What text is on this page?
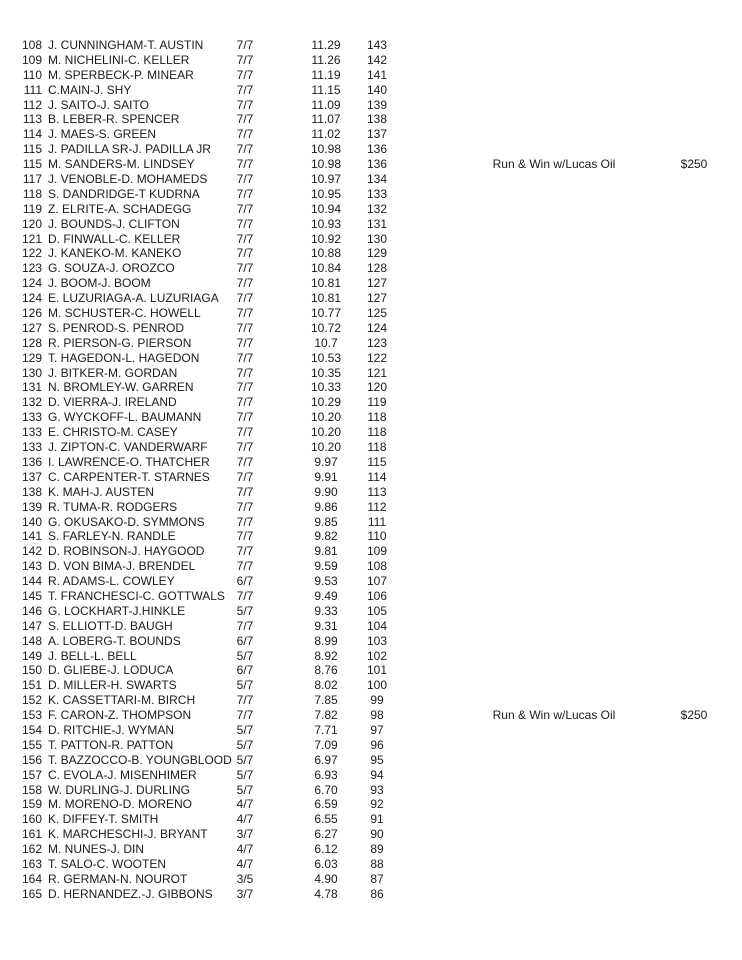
108 J. CUNNINGHAM-T. AUSTIN	7/7	11.29	143
109 M. NICHELINI-C. KELLER	7/7	11.26	142
110 M. SPERBECK-P. MINEAR	7/7	11.19	141
111 C.MAIN-J. SHY	7/7	11.15	140
112 J. SAITO-J. SAITO	7/7	11.09	139
113 B. LEBER-R. SPENCER	7/7	11.07	138
114 J. MAES-S. GREEN	7/7	11.02	137
115 J. PADILLA SR-J. PADILLA JR	7/7	10.98	136
115 M. SANDERS-M. LINDSEY	7/7	10.98	136	Run & Win w/Lucas Oil	$250
117 J. VENOBLE-D. MOHAMEDS	7/7	10.97	134
118 S. DANDRIDGE-T KUDRNA	7/7	10.95	133
119 Z. ELRITE-A. SCHADEGG	7/7	10.94	132
120 J. BOUNDS-J. CLIFTON	7/7	10.93	131
121 D. FINWALL-C. KELLER	7/7	10.92	130
122 J. KANEKO-M. KANEKO	7/7	10.88	129
123 G. SOUZA-J. OROZCO	7/7	10.84	128
124 J. BOOM-J. BOOM	7/7	10.81	127
124 E. LUZURIAGA-A. LUZURIAGA	7/7	10.81	127
126 M. SCHUSTER-C. HOWELL	7/7	10.77	125
127 S. PENROD-S. PENROD	7/7	10.72	124
128 R. PIERSON-G. PIERSON	7/7	10.7	123
129 T. HAGEDON-L. HAGEDON	7/7	10.53	122
130 J. BITKER-M. GORDAN	7/7	10.35	121
131 N. BROMLEY-W. GARREN	7/7	10.33	120
132 D. VIERRA-J. IRELAND	7/7	10.29	119
133 G. WYCKOFF-L. BAUMANN	7/7	10.20	118
133 E. CHRISTO-M. CASEY	7/7	10.20	118
133 J. ZIPTON-C. VANDERWARF	7/7	10.20	118
136 I. LAWRENCE-O. THATCHER	7/7	9.97	115
137 C. CARPENTER-T. STARNES	7/7	9.91	114
138 K. MAH-J. AUSTEN	7/7	9.90	113
139 R. TUMA-R. RODGERS	7/7	9.86	112
140 G. OKUSAKO-D. SYMMONS	7/7	9.85	111
141 S. FARLEY-N. RANDLE	7/7	9.82	110
142 D. ROBINSON-J. HAYGOOD	7/7	9.81	109
143 D. VON BIMA-J. BRENDEL	7/7	9.59	108
144 R. ADAMS-L. COWLEY	6/7	9.53	107
145 T. FRANCHESCI-C. GOTTWALS 7/7	9.49	106
146 G. LOCKHART-J.HINKLE	5/7	9.33	105
147 S. ELLIOTT-D. BAUGH	7/7	9.31	104
148 A. LOBERG-T. BOUNDS	6/7	8.99	103
149 J. BELL-L. BELL	5/7	8.92	102
150 D. GLIEBE-J. LODUCA	6/7	8.76	101
151 D. MILLER-H. SWARTS	5/7	8.02	100
152 K. CASSETTARI-M. BIRCH	7/7	7.85	99
153 F. CARON-Z. THOMPSON	7/7	7.82	98	Run & Win w/Lucas Oil	$250
154 D. RITCHIE-J. WYMAN	5/7	7.71	97
155 T. PATTON-R. PATTON	5/7	7.09	96
156 T. BAZZOCCO-B. YOUNGBLOOD 5/7	6.97	95
157 C. EVOLA-J. MISENHIMER	5/7	6.93	94
158 W. DURLING-J. DURLING	5/7	6.70	93
159 M. MORENO-D. MORENO	4/7	6.59	92
160 K. DIFFEY-T. SMITH	4/7	6.55	91
161 K. MARCHESCHI-J. BRYANT	3/7	6.27	90
162 M. NUNES-J. DIN	4/7	6.12	89
163 T. SALO-C. WOOTEN	4/7	6.03	88
164 R. GERMAN-N. NOUROT	3/5	4.90	87
165 D. HERNANDEZ.-J. GIBBONS	3/7	4.78	86
